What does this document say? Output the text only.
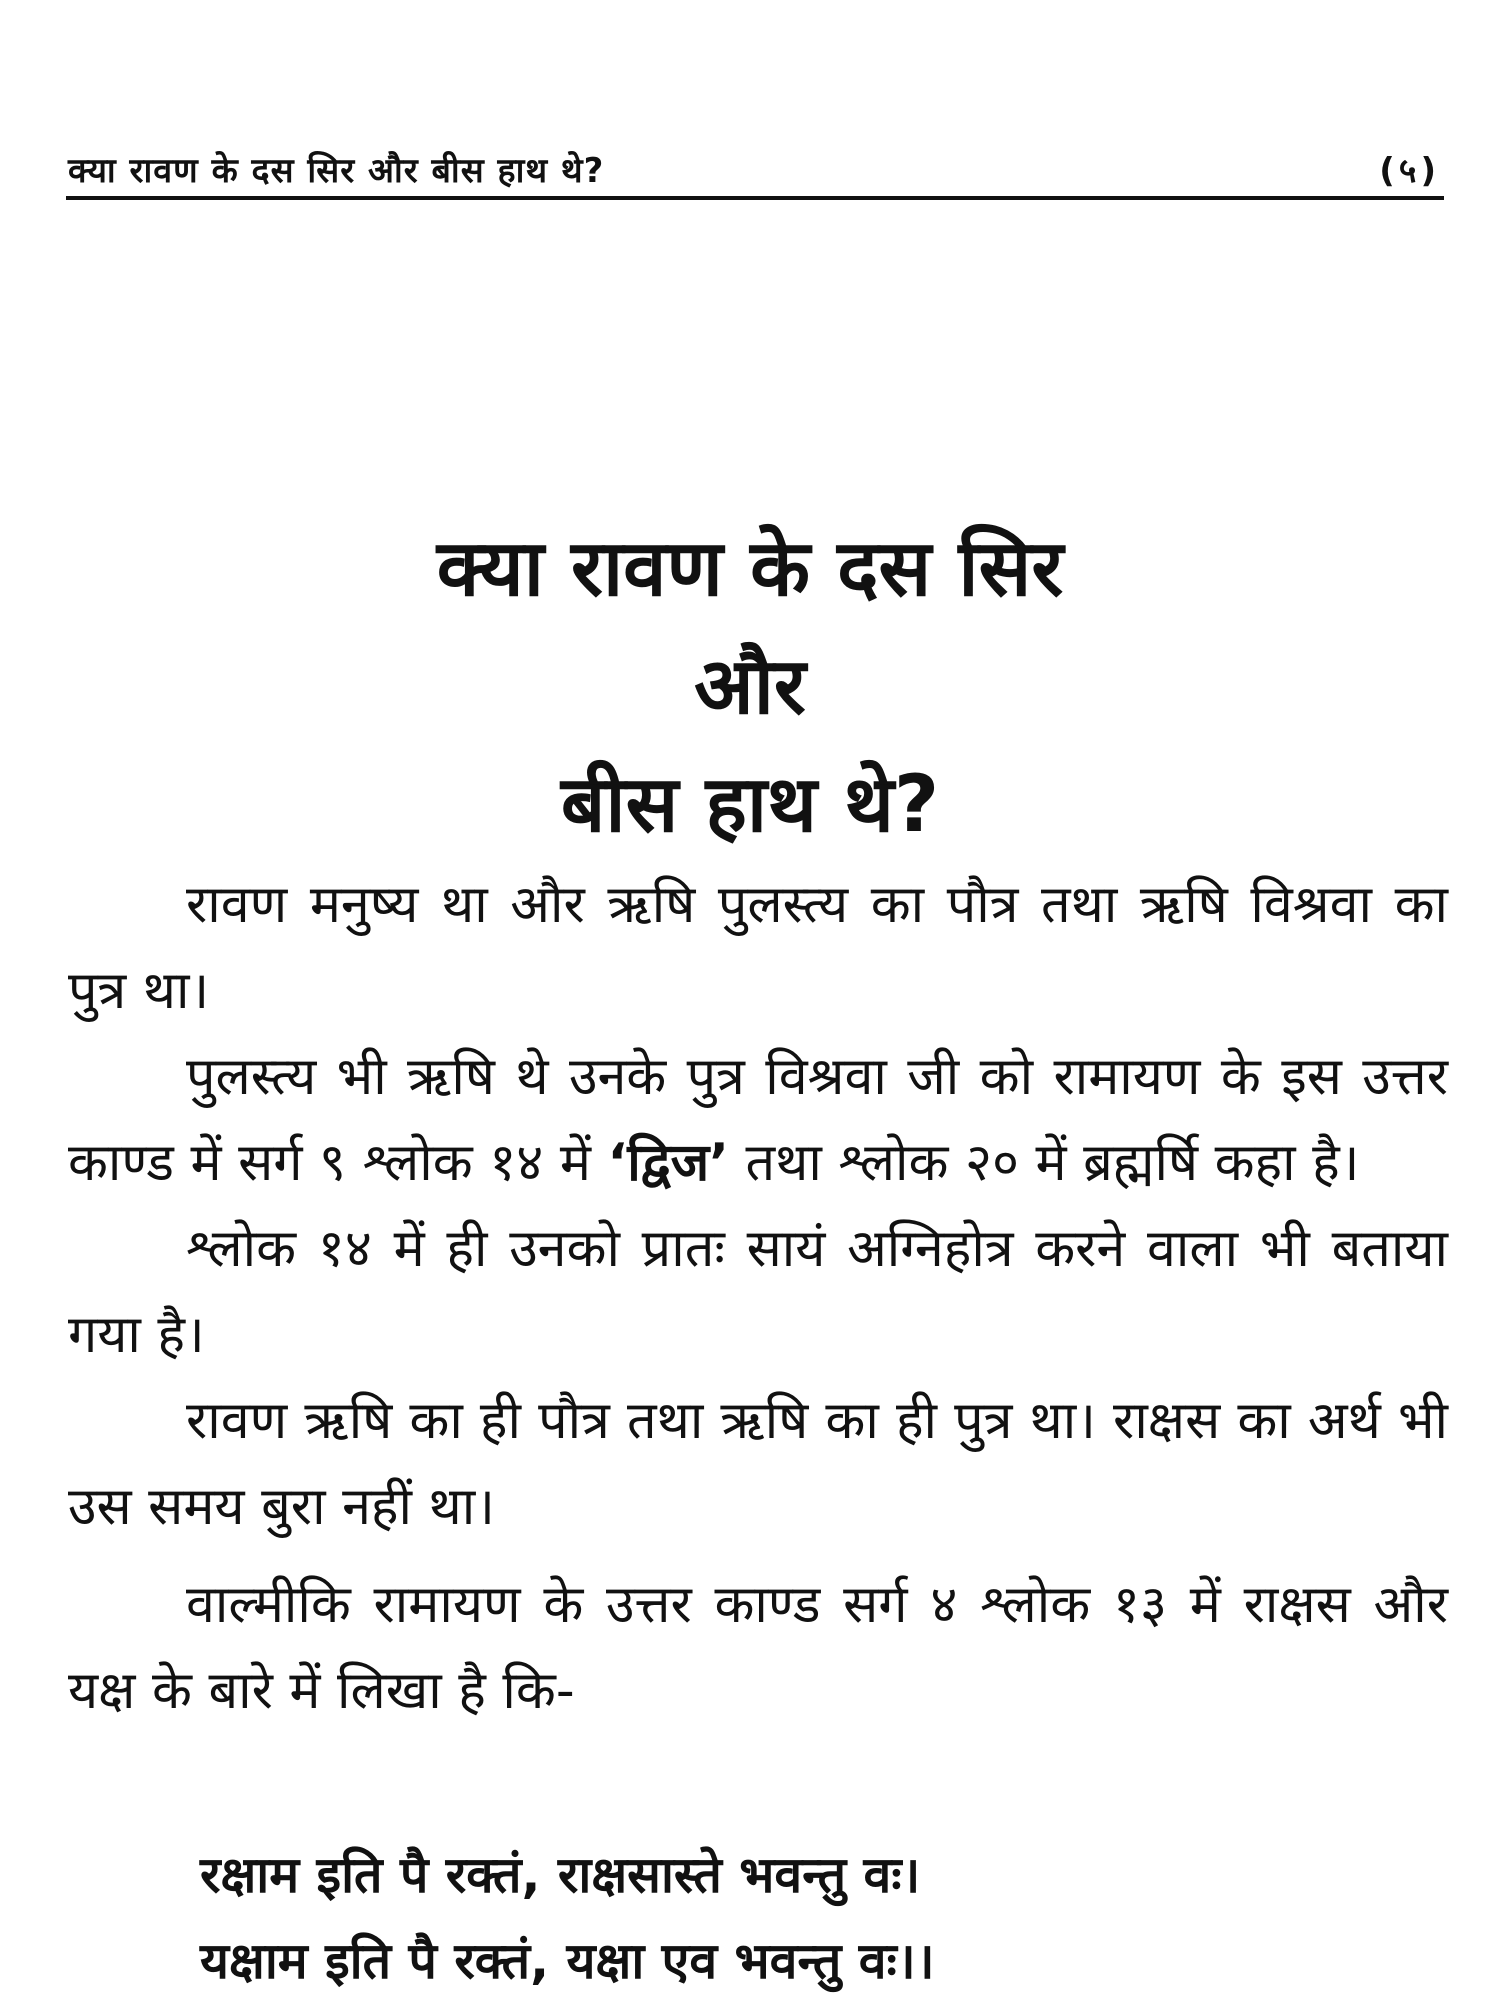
क्या रावण के दस सिर और बीस हाथ थे?	(५)
क्या रावण के दस सिर
और
बीस हाथ थे?

रावण मनुष्य था और ऋषि पुलस्त्य का पौत्र तथा ऋषि विश्रवा का पुत्र था।

पुलस्त्य भी ऋषि थे उनके पुत्र विश्रवा जी को रामायण के इस उत्तर काण्ड में सर्ग ९ श्लोक १४ में ‘द्विज’ तथा श्लोक २० में ब्रह्मर्षि कहा है।

श्लोक १४ में ही उनको प्रातः सायं अग्निहोत्र करने वाला भी बताया गया है।

रावण ऋषि का ही पौत्र तथा ऋषि का ही पुत्र था। राक्षस का अर्थ भी उस समय बुरा नहीं था।

वाल्मीकि रामायण के उत्तर काण्ड सर्ग ४ श्लोक १३ में राक्षस और यक्ष के बारे में लिखा है कि-

रक्षाम इति पै रक्तं, राक्षसास्ते भवन्तु वः।
यक्षाम इति पै रक्तं, यक्षा एव भवन्तु वः।।
